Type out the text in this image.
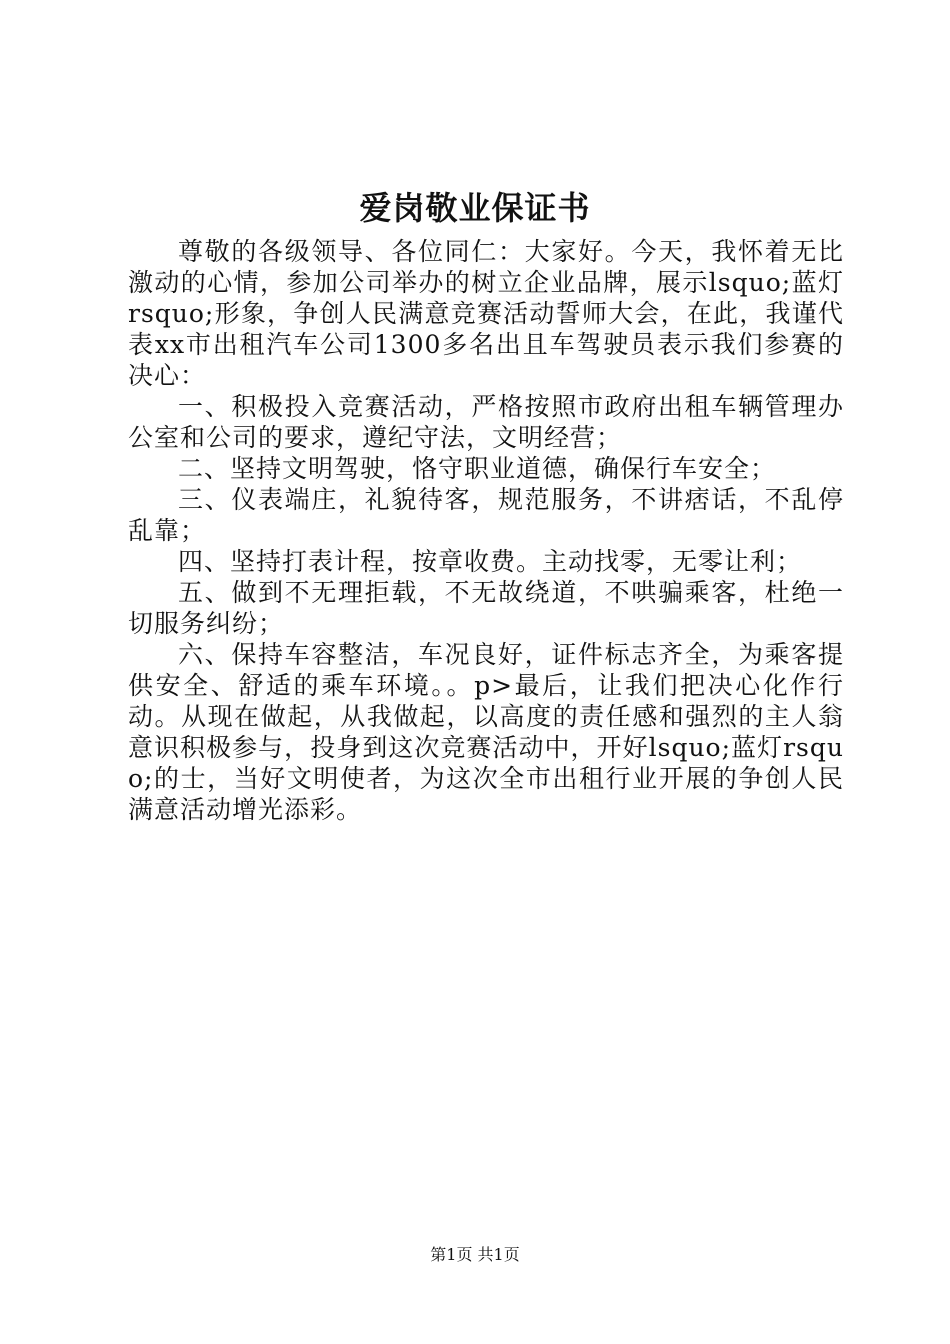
爱岗敬业保证书

尊敬的各级领导、各位同仁：大家好。今天，我怀着无比激动的心情，参加公司举办的树立企业品牌，展示lsquo;蓝灯rsquo;形象，争创人民满意竞赛活动誓师大会，在此，我谨代表xx市出租汽车公司1300多名出且车驾驶员表示我们参赛的决心：

一、积极投入竞赛活动，严格按照市政府出租车辆管理办公室和公司的要求，遵纪守法，文明经营；

二、坚持文明驾驶，恪守职业道德，确保行车安全；

三、仪表端庄，礼貌待客，规范服务，不讲痞话，不乱停乱靠；

四、坚持打表计程，按章收费。主动找零，无零让利；

五、做到不无理拒载，不无故绕道，不哄骗乘客，杜绝一切服务纠纷；

六、保持车容整洁，车况良好，证件标志齐全，为乘客提供安全、舒适的乘车环境。。p>最后，让我们把决心化作行动。从现在做起，从我做起，以高度的责任感和强烈的主人翁意识积极参与，投身到这次竞赛活动中，开好lsquo;蓝灯rsquo;的士，当好文明使者，为这次全市出租行业开展的争创人民满意活动增光添彩。

第1页 共1页
